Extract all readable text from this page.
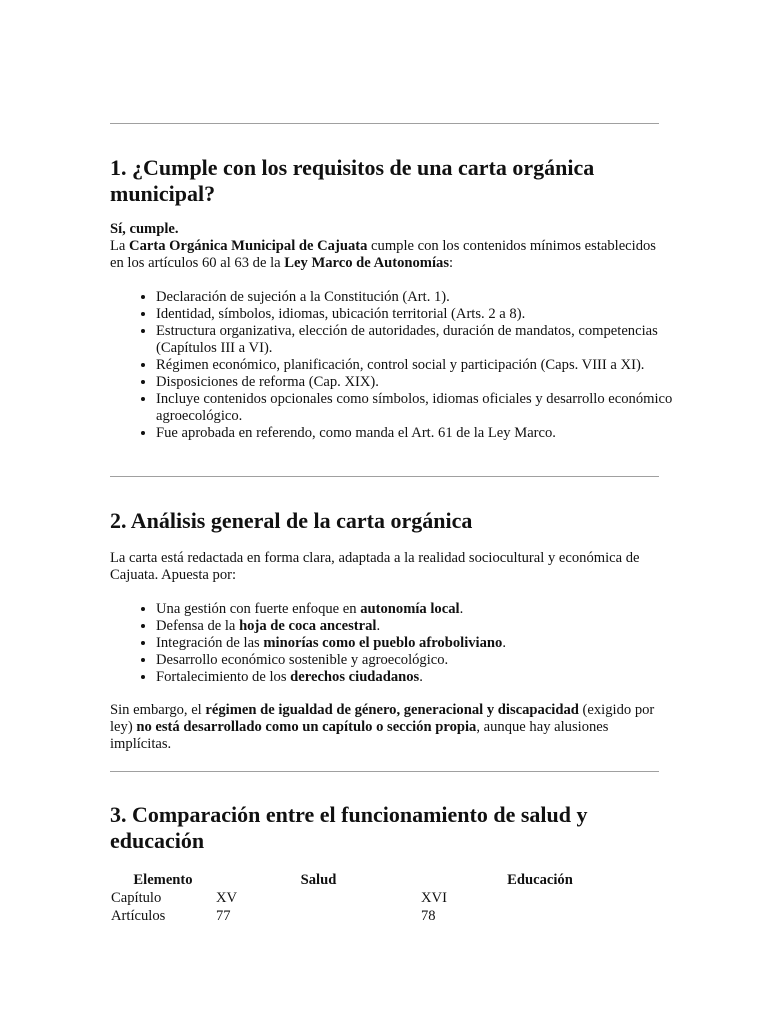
1. ¿Cumple con los requisitos de una carta orgánica municipal?

Sí, cumple.

La Carta Orgánica Municipal de Cajuata cumple con los contenidos mínimos establecidos en los artículos 60 al 63 de la Ley Marco de Autonomías:

• Declaración de sujeción a la Constitución (Art. 1).
• Identidad, símbolos, idiomas, ubicación territorial (Arts. 2 a 8).
• Estructura organizativa, elección de autoridades, duración de mandatos, competencias (Capítulos III a VI).
• Régimen económico, planificación, control social y participación (Caps. VIII a XI).
• Disposiciones de reforma (Cap. XIX).
• Incluye contenidos opcionales como símbolos, idiomas oficiales y desarrollo económico agroecológico.
• Fue aprobada en referendo, como manda el Art. 61 de la Ley Marco.
2. Análisis general de la carta orgánica

La carta está redactada en forma clara, adaptada a la realidad sociocultural y económica de Cajuata. Apuesta por:

• Una gestión con fuerte enfoque en autonomía local.
• Defensa de la hoja de coca ancestral.
• Integración de las minorías como el pueblo afroboliviano.
• Desarrollo económico sostenible y agroecológico.
• Fortalecimiento de los derechos ciudadanos.

Sin embargo, el régimen de igualdad de género, generacional y discapacidad (exigido por ley) no está desarrollado como un capítulo o sección propia, aunque hay alusiones implícitas.

3. Comparación entre el funcionamiento de salud y educación
Elemento	Salud	Educación
Capítulo	XV	XVI
Artículos	77	78
